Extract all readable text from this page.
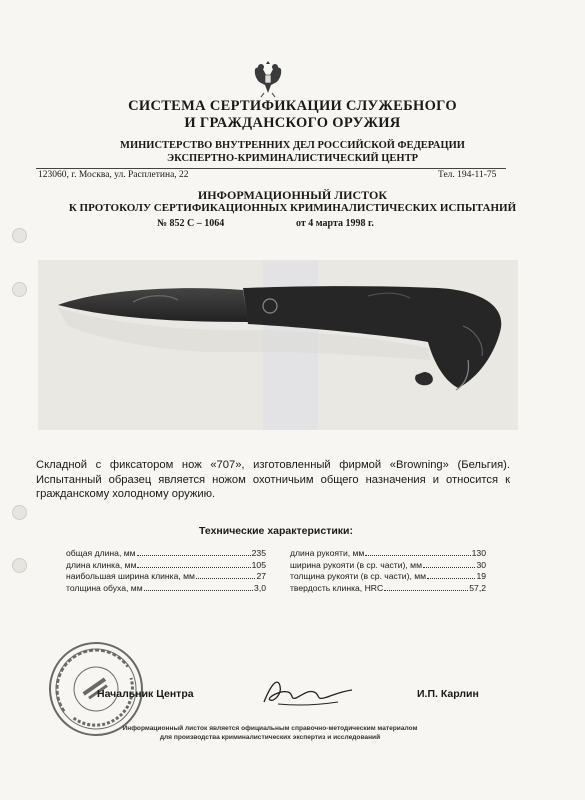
СИСТЕМА СЕРТИФИКАЦИИ СЛУЖЕБНОГО
И ГРАЖДАНСКОГО ОРУЖИЯ
МИНИСТЕРСТВО ВНУТРЕННИХ ДЕЛ РОССИЙСКОЙ ФЕДЕРАЦИИ
ЭКСПЕРТНО-КРИМИНАЛИСТИЧЕСКИЙ ЦЕНТР
123060, г. Москва, ул. Расплетина, 22	Тел. 194-11-75
ИНФОРМАЦИОННЫЙ ЛИСТОК
К ПРОТОКОЛУ СЕРТИФИКАЦИОННЫХ КРИМИНАЛИСТИЧЕСКИХ ИСПЫТАНИЙ
№ 852 С – 1064	от 4 марта 1998 г.
Складной с фиксатором нож «707», изготовленный фирмой «Browning» (Бельгия). Испытанный образец является ножом охотничьим общего назначения и относится к гражданскому холодному оружию.
Технические характеристики:
общая длина, мм	235
длина клинка, мм	105
наибольшая ширина клинка, мм	27
толщина обуха, мм	3,0
длина рукояти, мм	130
ширина рукояти (в ср. части), мм	30
толщина рукояти (в ср. части), мм	19
твердость клинка, HRC	57,2
Начальник Центра	И.П. Карлин
Информационный листок является официальным справочно-методическим материалом
для производства криминалистических экспертиз и исследований
